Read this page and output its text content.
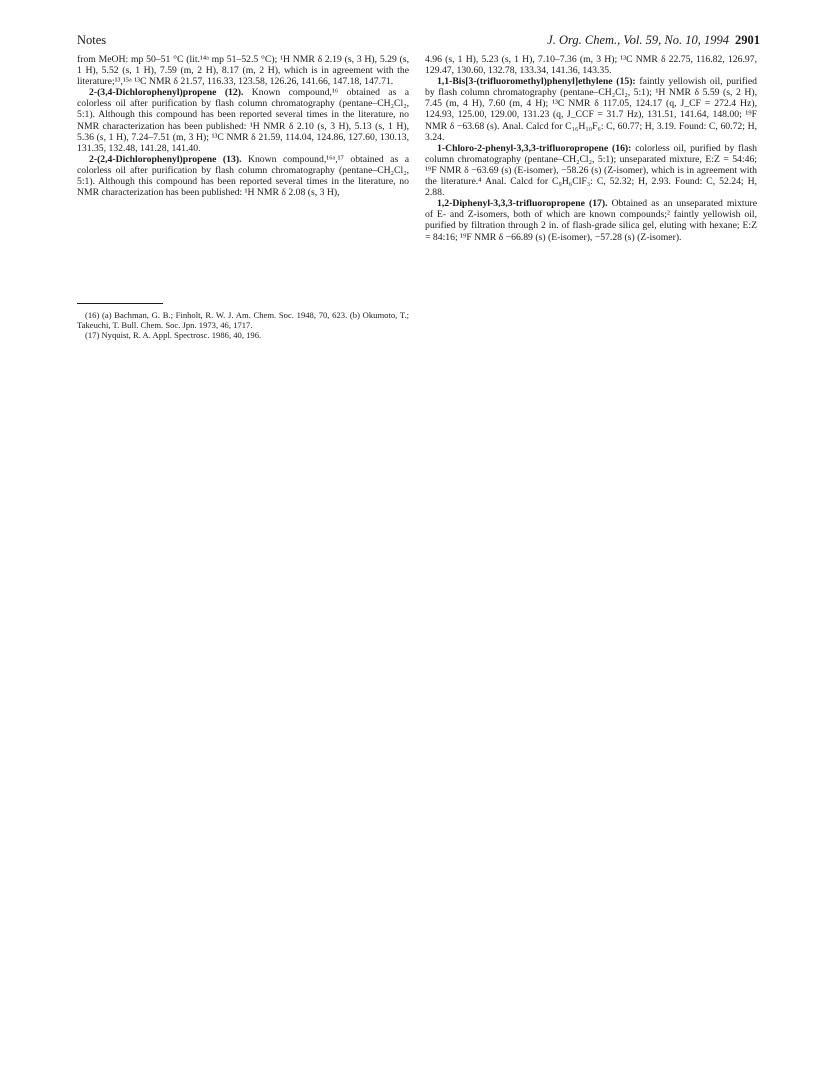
Notes	J. Org. Chem., Vol. 59, No. 10, 1994 2901

from MeOH: mp 50–51 °C (lit.¹⁴ᵃ mp 51–52.5 °C); ¹H NMR δ 2.19 (s, 3 H), 5.29 (s, 1 H), 5.52 (s, 1 H), 7.59 (m, 2 H), 8.17 (m, 2 H), which is in agreement with the literature;¹³,¹⁵ᵃ ¹³C NMR δ 21.57, 116.33, 123.58, 126.26, 141.66, 147.18, 147.71.

2-(3,4-Dichlorophenyl)propene (12). Known compound,¹⁶ obtained as a colorless oil after purification by flash column chromatography (pentane–CH₂Cl₂, 5:1). Although this compound has been reported several times in the literature, no NMR characterization has been published: ¹H NMR δ 2.10 (s, 3 H), 5.13 (s, 1 H), 5.36 (s, 1 H), 7.24–7.51 (m, 3 H); ¹³C NMR δ 21.59, 114.04, 124.86, 127.60, 130.13, 131.35, 132.48, 141.28, 141.40.

2-(2,4-Dichlorophenyl)propene (13). Known compound,¹⁶ᵃ,¹⁷ obtained as a colorless oil after purification by flash column chromatography (pentane–CH₂Cl₂, 5:1). Although this compound has been reported several times in the literature, no NMR characterization has been published: ¹H NMR δ 2.08 (s, 3 H),

(16) (a) Bachman, G. B.; Finholt, R. W. J. Am. Chem. Soc. 1948, 70, 623. (b) Okumoto, T.; Takeuchi, T. Bull. Chem. Soc. Jpn. 1973, 46, 1717.

(17) Nyquist, R. A. Appl. Spectrosc. 1986, 40, 196.

4.96 (s, 1 H), 5.23 (s, 1 H), 7.10–7.36 (m, 3 H); ¹³C NMR δ 22.75, 116.82, 126.97, 129.47, 130.60, 132.78, 133.34, 141.36, 143.35.

1,1-Bis[3-(trifluoromethyl)phenyl]ethylene (15): faintly yellowish oil, purified by flash column chromatography (pentane–CH₂Cl₂, 5:1); ¹H NMR δ 5.59 (s, 2 H), 7.45 (m, 4 H), 7.60 (m, 4 H); ¹³C NMR δ 117.05, 124.17 (q, J_CF = 272.4 Hz), 124.93, 125.00, 129.00, 131.23 (q, J_CCF = 31.7 Hz), 131.51, 141.64, 148.00; ¹⁹F NMR δ −63.68 (s). Anal. Calcd for C₁₆H₁₀F₆: C, 60.77; H, 3.19. Found: C, 60.72; H, 3.24.

1-Chloro-2-phenyl-3,3,3-trifluoropropene (16): colorless oil, purified by flash column chromatography (pentane–CH₂Cl₂, 5:1); unseparated mixture, E:Z = 54:46; ¹⁹F NMR δ −63.69 (s) (E-isomer), −58.26 (s) (Z-isomer), which is in agreement with the literature.⁴ Anal. Calcd for C₉H₆ClF₃: C, 52.32; H, 2.93. Found: C, 52.24; H, 2.88.

1,2-Diphenyl-3,3,3-trifluoropropene (17). Obtained as an unseparated mixture of E- and Z-isomers, both of which are known compounds;² faintly yellowish oil, purified by filtration through 2 in. of flash-grade silica gel, eluting with hexane; E:Z = 84:16; ¹⁹F NMR δ −66.89 (s) (E-isomer), −57.28 (s) (Z-isomer).
